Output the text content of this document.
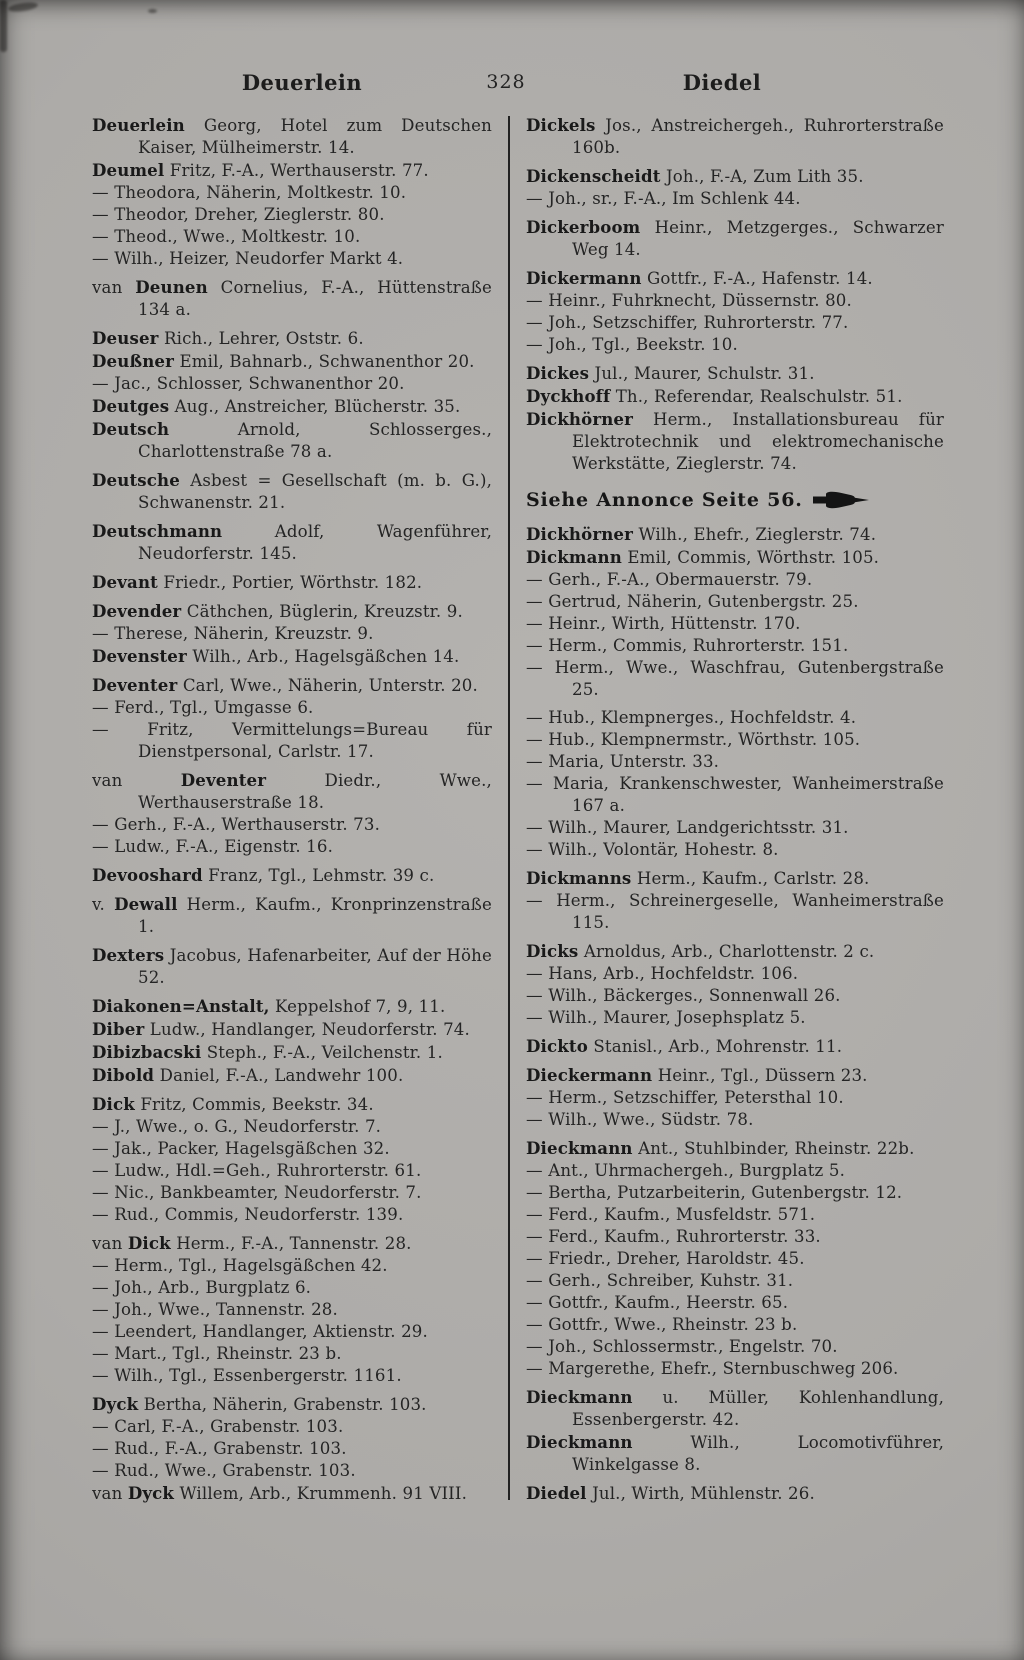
Deuerlein	328	Diedel

Deuerlein Georg, Hotel zum Deutschen Kaiser, Mülheimerstr. 14.

Deumel Fritz, F.-A., Werthauserstr. 77.

— Theodora, Näherin, Moltkestr. 10.

— Theodor, Dreher, Zieglerstr. 80.

— Theod., Wwe., Moltkestr. 10.

— Wilh., Heizer, Neudorfer Markt 4.

van Deunen Cornelius, F.-A., Hüttenstraße 134 a.

Deuser Rich., Lehrer, Oststr. 6.

Deußner Emil, Bahnarb., Schwanenthor 20.

— Jac., Schlosser, Schwanenthor 20.

Deutges Aug., Anstreicher, Blücherstr. 35.

Deutsch	Arnold, Schlosserges., Charlottenstraße 78 a.

Deutsche Asbest = Gesellschaft (m. b. G.), Schwanenstr. 21.

Deutschmann	Adolf, Wagenführer, Neudorferstr. 145.

Devant Friedr., Portier, Wörthstr. 182.

Devender Cäthchen, Büglerin, Kreuzstr. 9.

— Therese, Näherin, Kreuzstr. 9.

Devenster Wilh., Arb., Hagelsgäßchen 14.

Deventer Carl, Wwe., Näherin, Unterstr. 20.

— Ferd., Tgl., Umgasse 6.

— Fritz, Vermittelungs=Bureau für Dienstpersonal, Carlstr. 17.

van	Deventer	Diedr., Wwe., Werthauserstraße 18.

— Gerh., F.-A., Werthauserstr. 73.

— Ludw., F.-A., Eigenstr. 16.

Devooshard Franz, Tgl., Lehmstr. 39 c.

v. Dewall Herm., Kaufm., Kronprinzenstraße 1.

Dexters Jacobus, Hafenarbeiter, Auf der Höhe 52.

Diakonen=Anstalt, Keppelshof 7, 9, 11.

Diber Ludw., Handlanger, Neudorferstr. 74.

Dibizbacski Steph., F.-A., Veilchenstr. 1.

Dibold Daniel, F.-A., Landwehr 100.

Dick Fritz, Commis, Beekstr. 34.

— J., Wwe., o. G., Neudorferstr. 7.

— Jak., Packer, Hagelsgäßchen 32.

— Ludw., Hdl.=Geh., Ruhrorterstr. 61.

— Nic., Bankbeamter, Neudorferstr. 7.

— Rud., Commis, Neudorferstr. 139.

van Dick Herm., F.-A., Tannenstr. 28.

— Herm., Tgl., Hagelsgäßchen 42.

— Joh., Arb., Burgplatz 6.

— Joh., Wwe., Tannenstr. 28.

— Leendert, Handlanger, Aktienstr. 29.

— Mart., Tgl., Rheinstr. 23 b.

— Wilh., Tgl., Essenbergerstr. 1161.

Dyck Bertha, Näherin, Grabenstr. 103.

— Carl, F.-A., Grabenstr. 103.

— Rud., F.-A., Grabenstr. 103.

— Rud., Wwe., Grabenstr. 103.

van Dyck Willem, Arb., Krummenh. 91 VIII.

Dickels Jos., Anstreichergeh., Ruhrorterstraße 160b.

Dickenscheidt Joh., F.-A, Zum Lith 35.

— Joh., sr., F.-A., Im Schlenk 44.

Dickerboom Heinr., Metzgerges., Schwarzer Weg 14.

Dickermann Gottfr., F.-A., Hafenstr. 14.

— Heinr., Fuhrknecht, Düssernstr. 80.

— Joh., Setzschiffer, Ruhrorterstr. 77.

— Joh., Tgl., Beekstr. 10.

Dickes Jul., Maurer, Schulstr. 31.

Dyckhoff Th., Referendar, Realschulstr. 51.

Dickhörner Herm., Installationsbureau für Elektrotechnik und elektromechanische Werkstätte, Zieglerstr. 74.

Siehe Annonce Seite 56.

Dickhörner Wilh., Ehefr., Zieglerstr. 74.

Dickmann Emil, Commis, Wörthstr. 105.

— Gerh., F.-A., Obermauerstr. 79.

— Gertrud, Näherin, Gutenbergstr. 25.

— Heinr., Wirth, Hüttenstr. 170.

— Herm., Commis, Ruhrorterstr. 151.

— Herm., Wwe., Waschfrau, Gutenbergstraße 25.

— Hub., Klempnerges., Hochfeldstr. 4.

— Hub., Klempnermstr., Wörthstr. 105.

— Maria, Unterstr. 33.

— Maria, Krankenschwester, Wanheimerstraße 167 a.

— Wilh., Maurer, Landgerichtsstr. 31.

— Wilh., Volontär, Hohestr. 8.

Dickmanns Herm., Kaufm., Carlstr. 28.

— Herm., Schreinergeselle, Wanheimerstraße 115.

Dicks Arnoldus, Arb., Charlottenstr. 2 c.

— Hans, Arb., Hochfeldstr. 106.

— Wilh., Bäckerges., Sonnenwall 26.

— Wilh., Maurer, Josephsplatz 5.

Dickto Stanisl., Arb., Mohrenstr. 11.

Dieckermann Heinr., Tgl., Düssern 23.

— Herm., Setzschiffer, Petersthal 10.

— Wilh., Wwe., Südstr. 78.

Dieckmann Ant., Stuhlbinder, Rheinstr. 22b.

— Ant., Uhrmachergeh., Burgplatz 5.

— Bertha, Putzarbeiterin, Gutenbergstr. 12.

— Ferd., Kaufm., Musfeldstr. 571.

— Ferd., Kaufm., Ruhrorterstr. 33.

— Friedr., Dreher, Haroldstr. 45.

— Gerh., Schreiber, Kuhstr. 31.

— Gottfr., Kaufm., Heerstr. 65.

— Gottfr., Wwe., Rheinstr. 23 b.

— Joh., Schlossermstr., Engelstr. 70.

— Margerethe, Ehefr., Sternbuschweg 206.

Dieckmann u. Müller, Kohlenhandlung, Essenbergerstr. 42.

Dieckmann	Wilh., Locomotivführer, Winkelgasse 8.

Diedel Jul., Wirth, Mühlenstr. 26.
